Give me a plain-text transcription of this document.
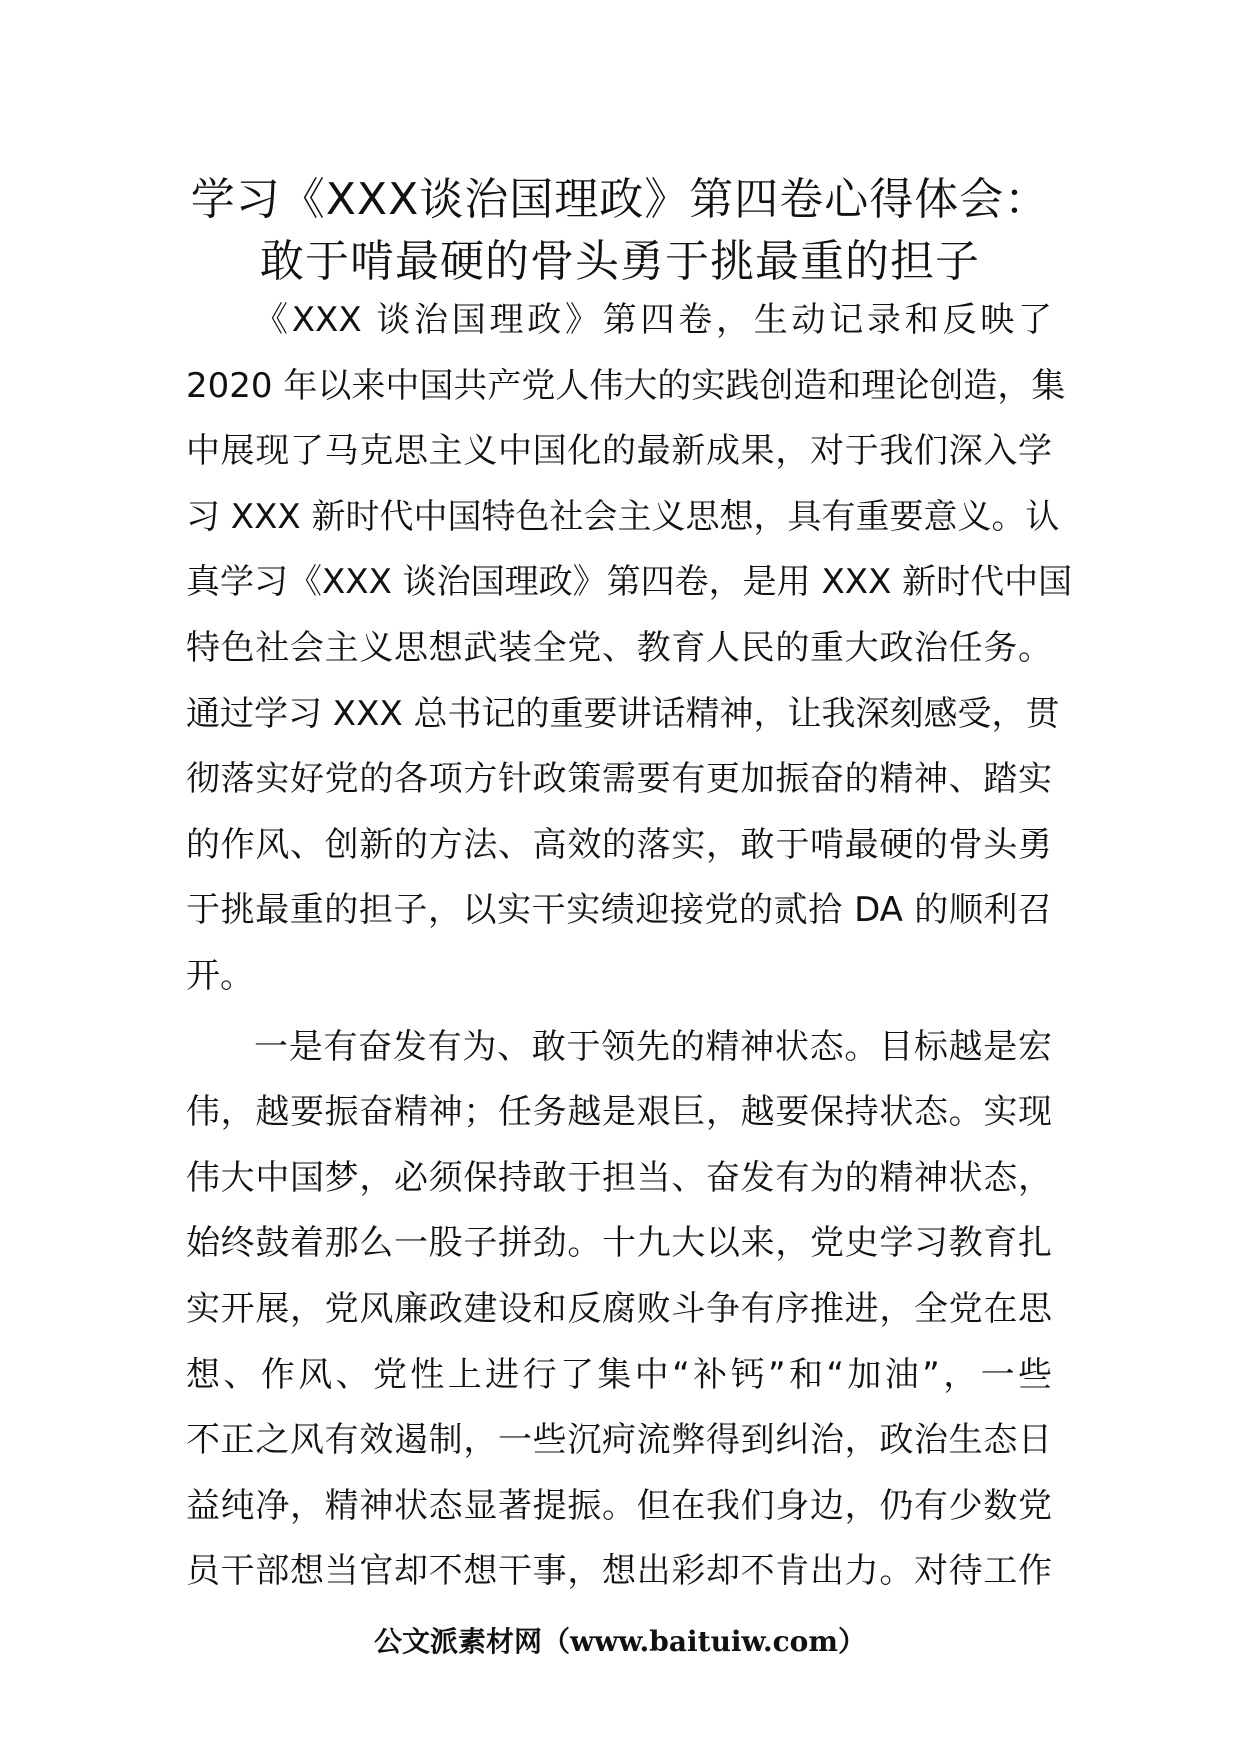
学习《XXX谈治国理政》第四卷心得体会：
敢于啃最硬的骨头勇于挑最重的担子
《XXX 谈治国理政》第四卷，生动记录和反映了
2020 年以来中国共产党人伟大的实践创造和理论创造，集
中展现了马克思主义中国化的最新成果，对于我们深入学
习 XXX 新时代中国特色社会主义思想，具有重要意义。认
真学习《XXX 谈治国理政》第四卷，是用 XXX 新时代中国
特色社会主义思想武装全党、教育人民的重大政治任务。
通过学习 XXX 总书记的重要讲话精神，让我深刻感受，贯
彻落实好党的各项方针政策需要有更加振奋的精神、踏实
的作风、创新的方法、高效的落实，敢于啃最硬的骨头勇
于挑最重的担子，以实干实绩迎接党的贰拾 DA 的顺利召
开。
一是有奋发有为、敢于领先的精神状态。目标越是宏
伟，越要振奋精神；任务越是艰巨，越要保持状态。实现
伟大中国梦，必须保持敢于担当、奋发有为的精神状态，
始终鼓着那么一股子拼劲。十九大以来，党史学习教育扎
实开展，党风廉政建设和反腐败斗争有序推进，全党在思
想、作风、党性上进行了集中“补钙”和“加油”，一些
不正之风有效遏制，一些沉疴流弊得到纠治，政治生态日
益纯净，精神状态显著提振。但在我们身边，仍有少数党
员干部想当官却不想干事，想出彩却不肯出力。对待工作
公文派素材网（www.baituiw.com）
